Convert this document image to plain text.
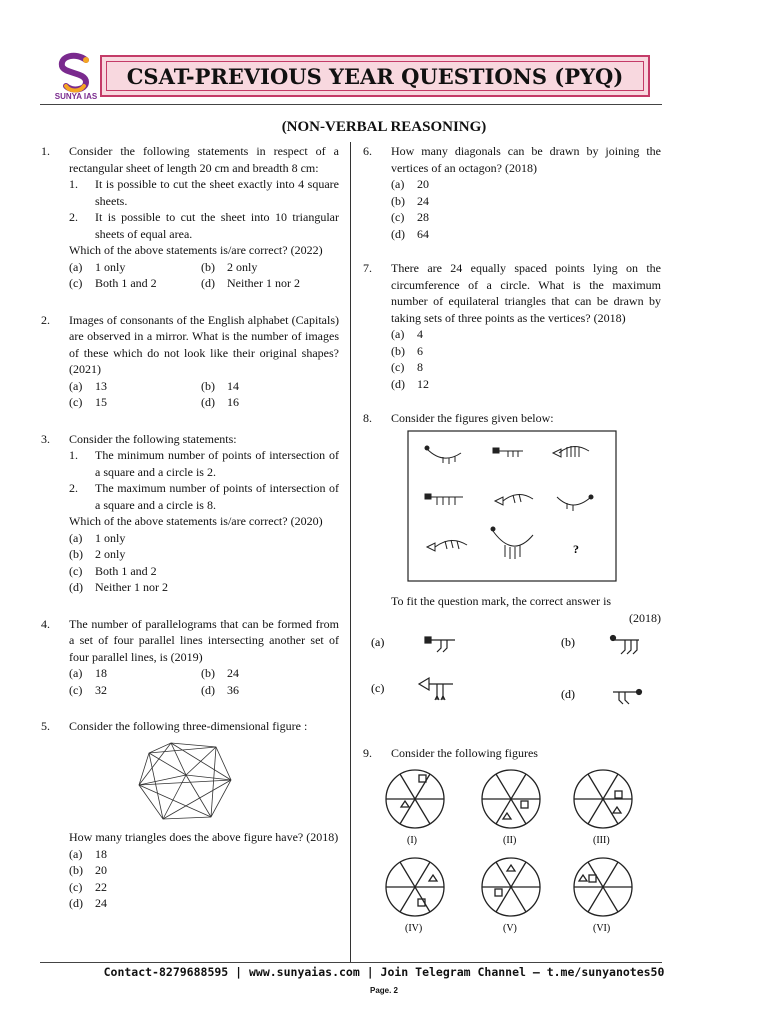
SUNYA IAS
CSAT-PREVIOUS YEAR QUESTIONS (PYQ)
(NON-VERBAL REASONING)
1. Consider the following statements in respect of a rectangular sheet of length 20 cm and breadth 8 cm:
1. It is possible to cut the sheet exactly into 4 square sheets.
2. It is possible to cut the sheet into 10 triangular sheets of equal area.
Which of the above statements is/are correct? (2022)
(a) 1 only	(b) 2 only
(c) Both 1 and 2	(d) Neither 1 nor 2
2. Images of consonants of the English alphabet (Capitals) are observed in a mirror. What is the number of images of these which do not look like their original shapes? (2021)
(a) 13	(b) 14
(c) 15	(d) 16
3. Consider the following statements:
1. The minimum number of points of intersection of a square and a circle is 2.
2. The maximum number of points of intersection of a square and a circle is 8.
Which of the above statements is/are correct? (2020)
(a)	1 only
(b)	2 only
(c)	Both 1 and 2
(d)	Neither 1 nor 2
4. The number of parallelograms that can be formed from a set of four parallel lines intersecting another set of four parallel lines, is (2019)
(a) 18	(b) 24
(c) 32	(d) 36
5. Consider the following three-dimensional figure :
How many triangles does the above figure have? (2018)
(a)	18
(b)	20
(c)	22
(d)	24
6. How many diagonals can be drawn by joining the vertices of an octagon? (2018)
(a)	20
(b)	24
(c)	28
(d)	64
7. There are 24 equally spaced points lying on the circumference of a circle. What is the maximum number of equilateral triangles that can be drawn by taking sets of three points as the vertices? (2018)
(a)	4
(b)	6
(c)	8
(d)	12
8. Consider the figures given below:
?
To fit the question mark, the correct answer is
(2018)
(a)	(b)
(c)	(d)
9. Consider the following figures
(I)	(II)	(III)
(IV)	(V)	(VI)
Contact-8279688595 | www.sunyaias.com | Join Telegram Channel – t.me/sunyanotes50
Page. 2
